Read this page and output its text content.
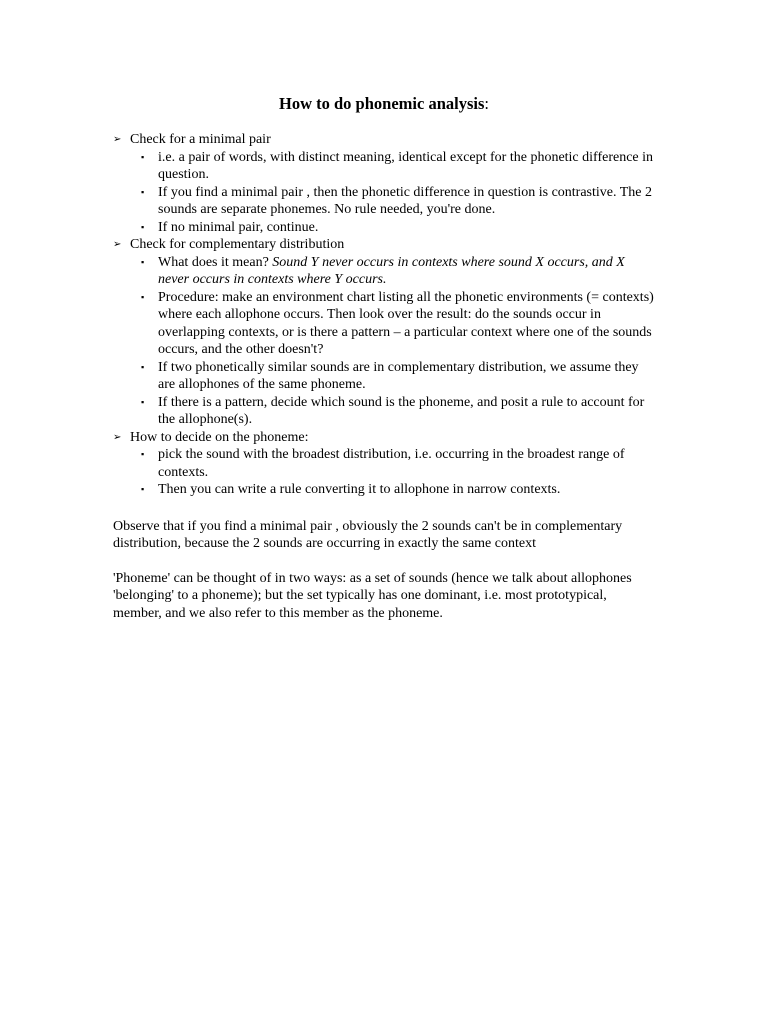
How to do phonemic analysis:
➢ Check for a minimal pair
▪ i.e. a pair of words, with distinct meaning, identical except for the phonetic difference in question.
▪ If you find a minimal pair , then the phonetic difference in question is contrastive. The 2 sounds are separate phonemes. No rule needed, you're done.
▪ If no minimal pair, continue.
➢ Check for complementary distribution
▪ What does it mean? Sound Y never occurs in contexts where sound X occurs, and X never occurs in contexts where Y occurs.
▪ Procedure: make an environment chart listing all the phonetic environments (= contexts) where each allophone occurs. Then look over the result: do the sounds occur in overlapping contexts, or is there a pattern – a particular context where one of the sounds occurs, and the other doesn't?
▪ If two phonetically similar sounds are in complementary distribution, we assume they are allophones of the same phoneme.
▪ If there is a pattern, decide which sound is the phoneme, and posit a rule to account for the allophone(s).
➢ How to decide on the phoneme:
▪ pick the sound with the broadest distribution, i.e. occurring in the broadest range of contexts.
▪ Then you can write a rule converting it to allophone in narrow contexts.

Observe that if you find a minimal pair , obviously the 2 sounds can't be in complementary distribution, because the 2 sounds are occurring in exactly the same context

'Phoneme' can be thought of in two ways: as a set of sounds (hence we talk about allophones 'belonging' to a phoneme); but the set typically has one dominant, i.e. most prototypical, member, and we also refer to this member as the phoneme.
